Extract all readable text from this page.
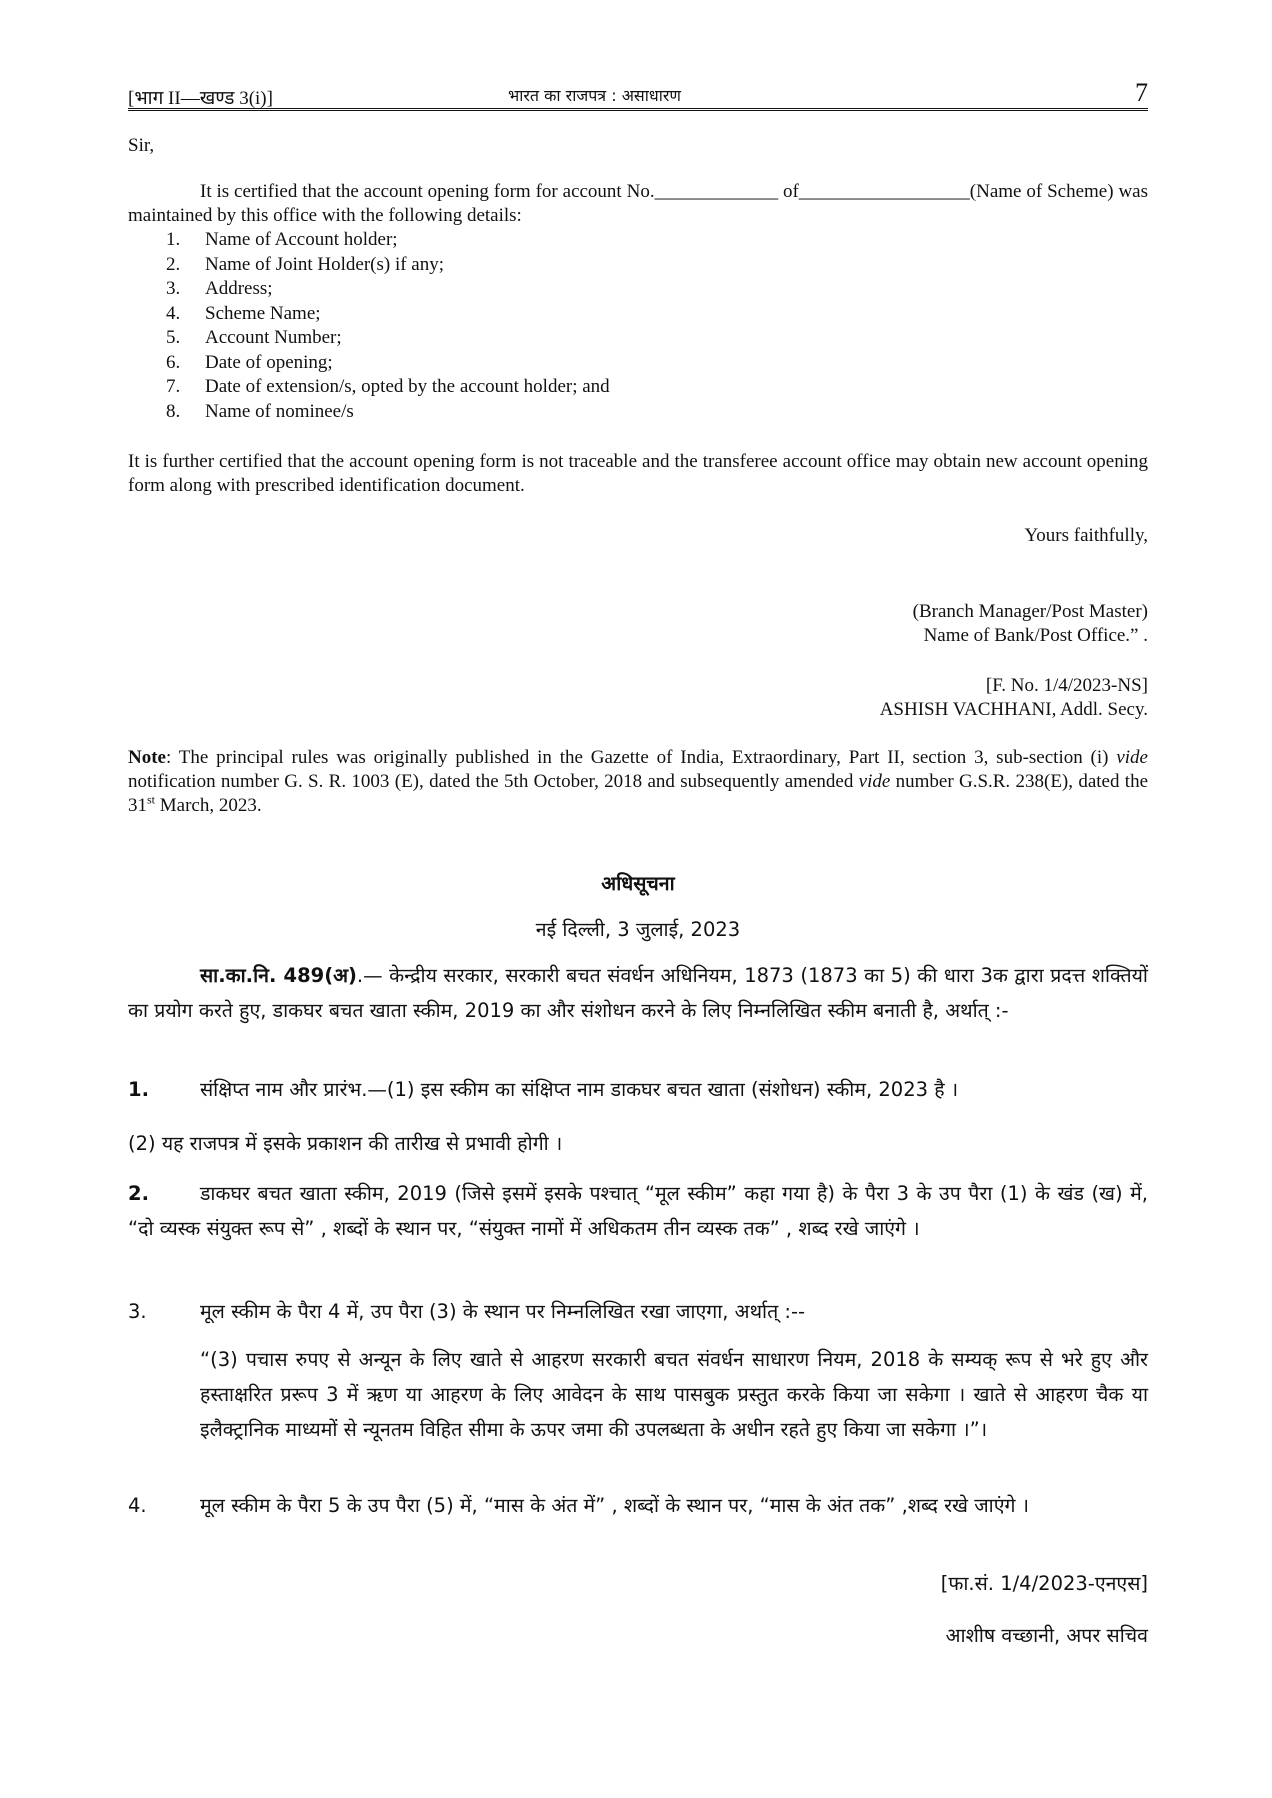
[भाग II—खण्ड 3(i)]	भारत का राजपत्र : असाधारण	7
Sir,
It is certified that the account opening form for account No._____________ of__________________(Name of Scheme) was maintained by this office with the following details:
1. Name of Account holder;
2. Name of Joint Holder(s) if any;
3. Address;
4. Scheme Name;
5. Account Number;
6. Date of opening;
7. Date of extension/s, opted by the account holder; and
8. Name of nominee/s
It is further certified that the account opening form is not traceable and the transferee account office may obtain new account opening form along with prescribed identification document.
Yours faithfully,
(Branch Manager/Post Master)
Name of Bank/Post Office.” .
[F. No. 1/4/2023-NS]
ASHISH VACHHANI, Addl. Secy.
Note: The principal rules was originally published in the Gazette of India, Extraordinary, Part II, section 3, sub-section (i) vide notification number G. S. R. 1003 (E), dated the 5th October, 2018 and subsequently amended vide number G.S.R. 238(E), dated the 31st March, 2023.
अधिसूचना
नई दिल्ली, 3 जुलाई, 2023
सा.का.नि. 489(अ).— केन्द्रीय सरकार, सरकारी बचत संवर्धन अधिनियम, 1873 (1873 का 5) की धारा 3क द्वारा प्रदत्त शक्तियों का प्रयोग करते हुए, डाकघर बचत खाता स्कीम, 2019 का और संशोधन करने के लिए निम्नलिखित स्कीम बनाती है, अर्थात् :-
1.	संक्षिप्त नाम और प्रारंभ.—(1) इस स्कीम का संक्षिप्त नाम डाकघर बचत खाता (संशोधन) स्कीम, 2023 है ।
(2) यह राजपत्र में इसके प्रकाशन की तारीख से प्रभावी होगी ।
2.	डाकघर बचत खाता स्कीम, 2019 (जिसे इसमें इसके पश्चात् “मूल स्कीम” कहा गया है) के पैरा 3 के उप पैरा (1) के खंड (ख) में, “दो व्यस्क संयुक्त रूप से” , शब्दों के स्थान पर, “संयुक्त नामों में अधिकतम तीन व्यस्क तक” , शब्द रखे जाएंगे ।
3.	मूल स्कीम के पैरा 4 में, उप पैरा (3) के स्थान पर निम्नलिखित रखा जाएगा, अर्थात् :--
“(3) पचास रुपए से अन्यून के लिए खाते से आहरण सरकारी बचत संवर्धन साधारण नियम, 2018 के सम्यक् रूप से भरे हुए और हस्ताक्षरित प्ररूप 3 में ऋण या आहरण के लिए आवेदन के साथ पासबुक प्रस्तुत करके किया जा सकेगा । खाते से आहरण चैक या इलैक्ट्रानिक माध्यमों से न्यूनतम विहित सीमा के ऊपर जमा की उपलब्धता के अधीन रहते हुए किया जा सकेगा ।”।
4.	मूल स्कीम के पैरा 5 के उप पैरा (5) में, “मास के अंत में” , शब्दों के स्थान पर, “मास के अंत तक” ,शब्द रखे जाएंगे ।
[फा.सं. 1/4/2023-एनएस]
आशीष वच्छानी, अपर सचिव
